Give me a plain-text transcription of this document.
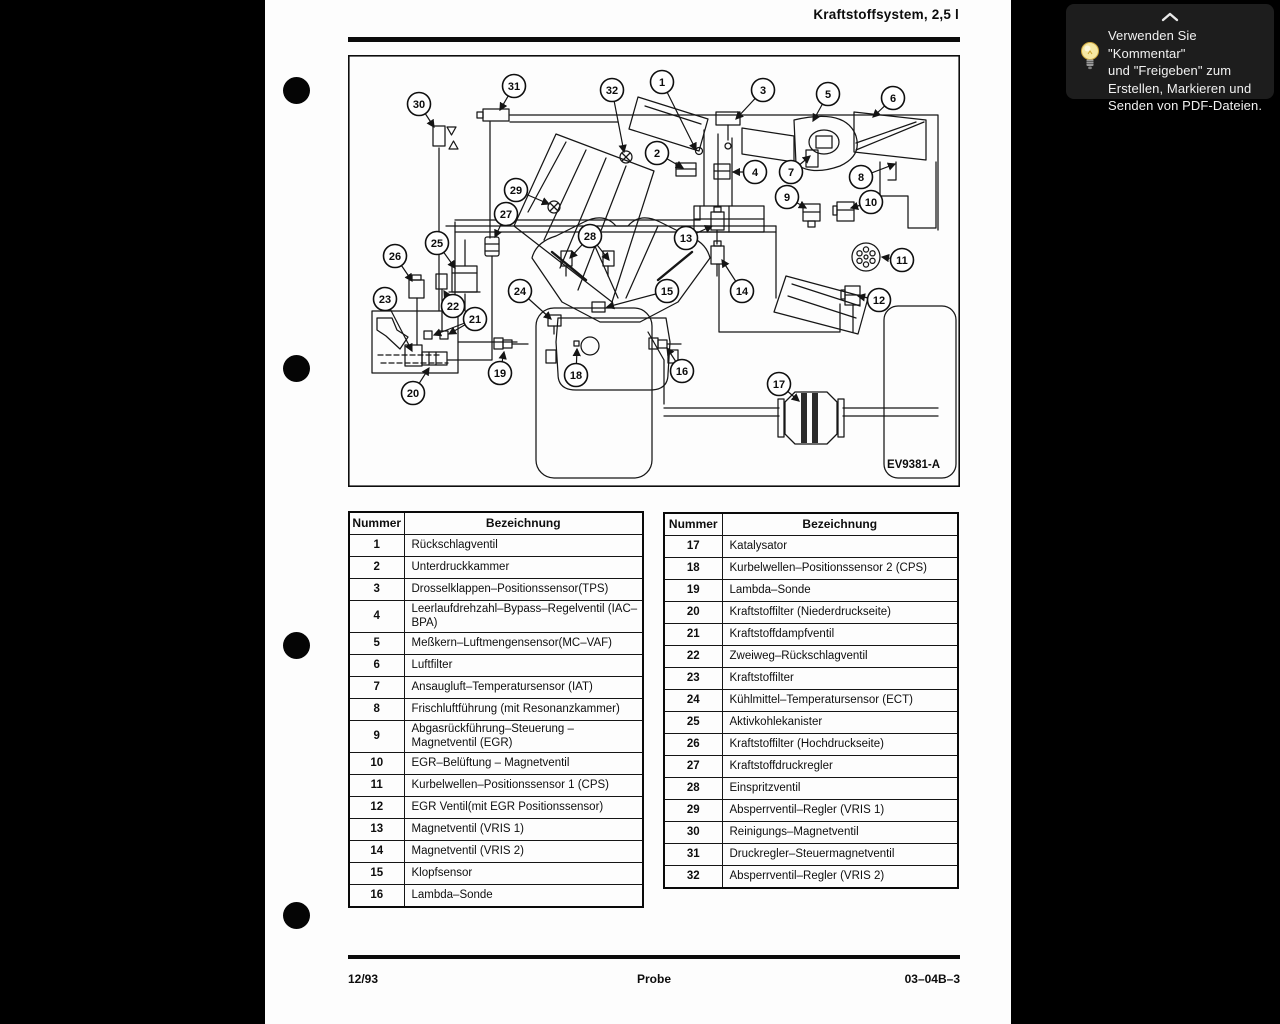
Kraftstoffsystem, 2,5 l
1
2
3
4
5	6
7	8
9	10
11
12
13
14
15
16
17
18
19
20
21
22
23
24
25
26
27
28
29
30
31	32
EV9381-A
Nummer	Bezeichnung
1	Rückschlagventil
2	Unterdruckkammer
3	Drosselklappen–Positionssensor(TPS)
4	Leerlaufdrehzahl–Bypass–Regelventil (IAC–BPA)
5	Meßkern–Luftmengensensor(MC–VAF)
6	Luftfilter
7	Ansaugluft–Temperatursensor (IAT)
8	Frischluftführung (mit Resonanzkammer)
9	Abgasrückführung–Steuerung – Magnetventil (EGR)
10	EGR–Belüftung – Magnetventil
11	Kurbelwellen–Positionssensor 1 (CPS)
12	EGR Ventil(mit EGR Positionssensor)
13	Magnetventil (VRIS 1)
14	Magnetventil (VRIS 2)
15	Klopfsensor
16	Lambda–Sonde
Nummer	Bezeichnung
17	Katalysator
18	Kurbelwellen–Positionssensor 2 (CPS)
19	Lambda–Sonde
20	Kraftstoffilter (Niederdruckseite)
21	Kraftstoffdampfventil
22	Zweiweg–Rückschlagventil
23	Kraftstoffilter
24	Kühlmittel–Temperatursensor (ECT)
25	Aktivkohlekanister
26	Kraftstoffilter (Hochdruckseite)
27	Kraftstoffdruckregler
28	Einspritzventil
29	Absperrventil–Regler (VRIS 1)
30	Reinigungs–Magnetventil
31	Druckregler–Steuermagnetventil
32	Absperrventil–Regler (VRIS 2)
12/93	Probe	03–04B–3
Verwenden Sie "Kommentar"
und "Freigeben" zum
Erstellen, Markieren und
Senden von PDF-Dateien.
